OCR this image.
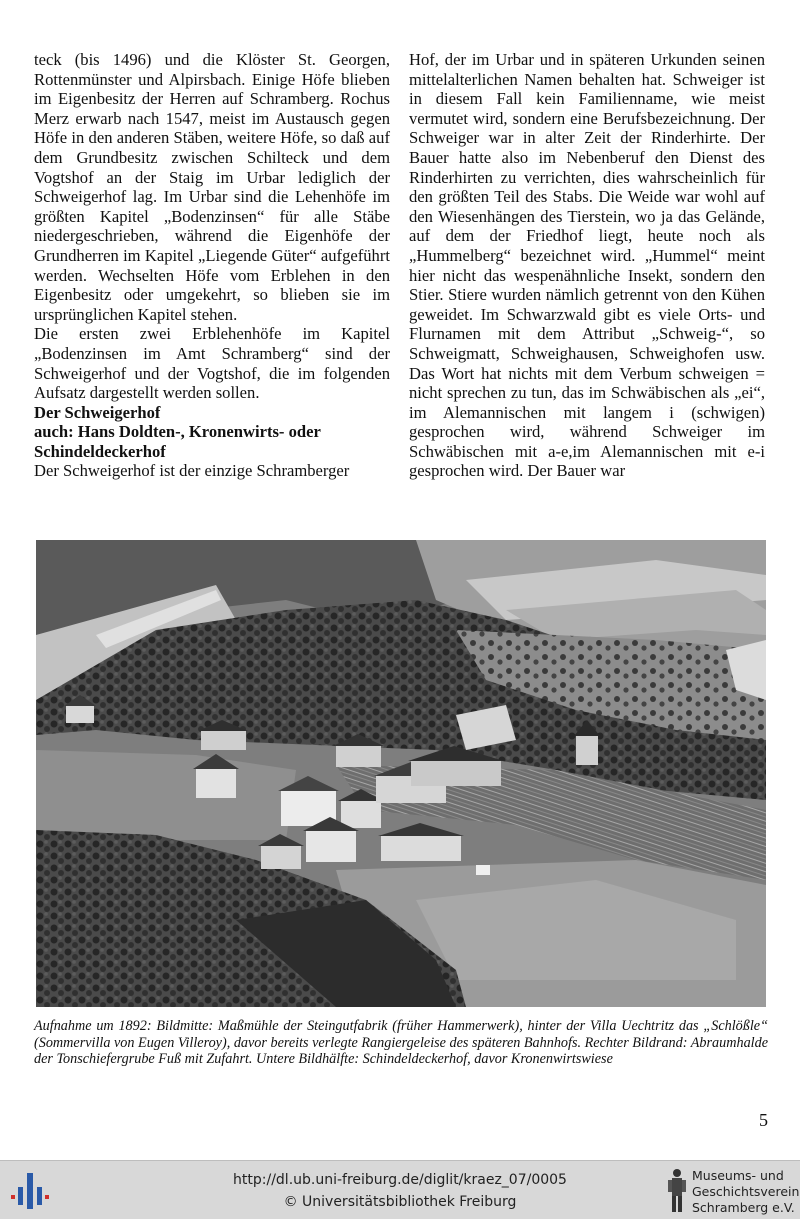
teck (bis 1496) und die Klöster St. Georgen, Rottenmünster und Alpirsbach. Einige Höfe blieben im Eigenbesitz der Herren auf Schramberg. Rochus Merz erwarb nach 1547, meist im Austausch gegen Höfe in den anderen Stäben, weitere Höfe, so daß auf dem Grundbesitz zwischen Schilteck und dem Vogtshof an der Staig im Urbar lediglich der Schweigerhof lag. Im Urbar sind die Lehenhöfe im größten Kapitel „Bodenzinsen“ für alle Stäbe niedergeschrieben, während die Eigenhöfe der Grundherren im Kapitel „Liegende Güter“ aufgeführt werden. Wechselten Höfe vom Erblehen in den Eigenbesitz oder umgekehrt, so blieben sie im ursprünglichen Kapitel stehen.

Die ersten zwei Erblehenhöfe im Kapitel „Bodenzinsen im Amt Schramberg“ sind der Schweigerhof und der Vogtshof, die im folgenden Aufsatz dargestellt werden sollen.

Der Schweigerhof
auch: Hans Doldten-, Kronenwirts- oder Schindeldeckerhof

Der Schweigerhof ist der einzige Schramberger

Hof, der im Urbar und in späteren Urkunden seinen mittelalterlichen Namen behalten hat. Schweiger ist in diesem Fall kein Familienname, wie meist vermutet wird, sondern eine Berufsbezeichnung. Der Schweiger war in alter Zeit der Rinderhirte. Der Bauer hatte also im Nebenberuf den Dienst des Rinderhirten zu verrichten, dies wahrscheinlich für den größten Teil des Stabs. Die Weide war wohl auf den Wiesenhängen des Tierstein, wo ja das Gelände, auf dem der Friedhof liegt, heute noch als „Hummelberg“ bezeichnet wird. „Hummel“ meint hier nicht das wespenähnliche Insekt, sondern den Stier. Stiere wurden nämlich getrennt von den Kühen geweidet. Im Schwarzwald gibt es viele Orts- und Flurnamen mit dem Attribut „Schweig-“, so Schweigmatt, Schweighausen, Schweighofen usw. Das Wort hat nichts mit dem Verbum schweigen = nicht sprechen zu tun, das im Schwäbischen als „ei“, im Alemannischen mit langem i (schwigen) gesprochen wird, während Schweiger im Schwäbischen mit a-e,im Alemannischen mit e-i gesprochen wird. Der Bauer war

Aufnahme um 1892: Bildmitte: Maßmühle der Steingutfabrik (früher Hammerwerk), hinter der Villa Uechtritz das „Schlößle“ (Sommervilla von Eugen Villeroy), davor bereits verlegte Rangiergeleise des späteren Bahnhofs. Rechter Bildrand: Abraumhalde der Tonschiefergrube Fuß mit Zufahrt. Untere Bildhälfte: Schindeldeckerhof, davor Kronenwirtswiese
5
http://dl.ub.uni-freiburg.de/diglit/kraez_07/0005
© Universitätsbibliothek Freiburg
Museums- und
Geschichtsverein
Schramberg e.V.
